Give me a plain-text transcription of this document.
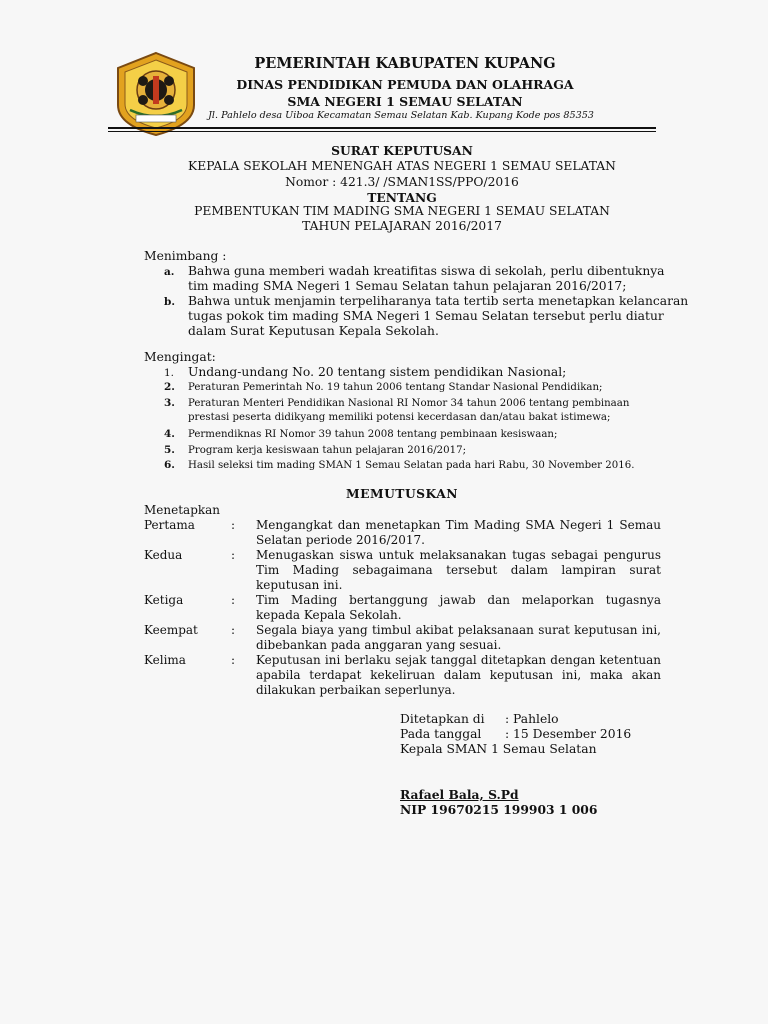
PEMERINTAH KABUPATEN KUPANG
DINAS PENDIDIKAN PEMUDA DAN OLAHRAGA
SMA NEGERI 1 SEMAU SELATAN
Jl. Pahlelo desa Uiboa Kecamatan Semau Selatan Kab. Kupang Kode pos 85353
SURAT KEPUTUSAN
KEPALA SEKOLAH MENENGAH ATAS NEGERI 1 SEMAU SELATAN
Nomor : 421.3/ /SMAN1SS/PPO/2016
TENTANG
PEMBENTUKAN TIM MADING SMA NEGERI 1 SEMAU SELATAN
TAHUN PELAJARAN 2016/2017
Menimbang :
a. Bahwa guna memberi wadah kreatifitas siswa di sekolah, perlu dibentuknya
tim mading SMA Negeri 1 Semau Selatan tahun pelajaran 2016/2017;
b. Bahwa untuk menjamin terpeliharanya tata tertib serta menetapkan kelancaran
tugas pokok tim mading SMA Negeri 1 Semau Selatan tersebut perlu diatur
dalam Surat Keputusan Kepala Sekolah.
Mengingat:
1. Undang-undang No. 20 tentang sistem pendidikan Nasional;
2. Peraturan Pemerintah No. 19 tahun 2006 tentang Standar Nasional Pendidikan;
3. Peraturan Menteri Pendidikan Nasional RI Nomor 34 tahun 2006 tentang pembinaan
prestasi peserta didikyang memiliki potensi kecerdasan dan/atau bakat istimewa;
4. Permendiknas RI Nomor 39 tahun 2008 tentang pembinaan kesiswaan;
5. Program kerja kesiswaan tahun pelajaran 2016/2017;
6. Hasil seleksi tim mading SMAN 1 Semau Selatan pada hari Rabu, 30 November 2016.
MEMUTUSKAN
Menetapkan
Pertama	: Mengangkat dan menetapkan Tim Mading SMA Negeri 1 Semau Selatan periode 2016/2017.
Kedua	: Menugaskan siswa untuk melaksanakan tugas sebagai pengurus Tim Mading sebagaimana tersebut dalam lampiran surat keputusan ini.
Ketiga	: Tim Mading bertanggung jawab dan melaporkan tugasnya kepada Kepala Sekolah.
Keempat	: Segala biaya yang timbul akibat pelaksanaan surat keputusan ini, dibebankan pada anggaran yang sesuai.
Kelima	: Keputusan ini berlaku sejak tanggal ditetapkan dengan ketentuan apabila terdapat kekeliruan dalam keputusan ini, maka akan dilakukan perbaikan seperlunya.
Ditetapkan di : Pahlelo
Pada tanggal : 15 Desember 2016
Kepala SMAN 1 Semau Selatan
Rafael Bala, S.Pd
NIP 19670215 199903 1 006
